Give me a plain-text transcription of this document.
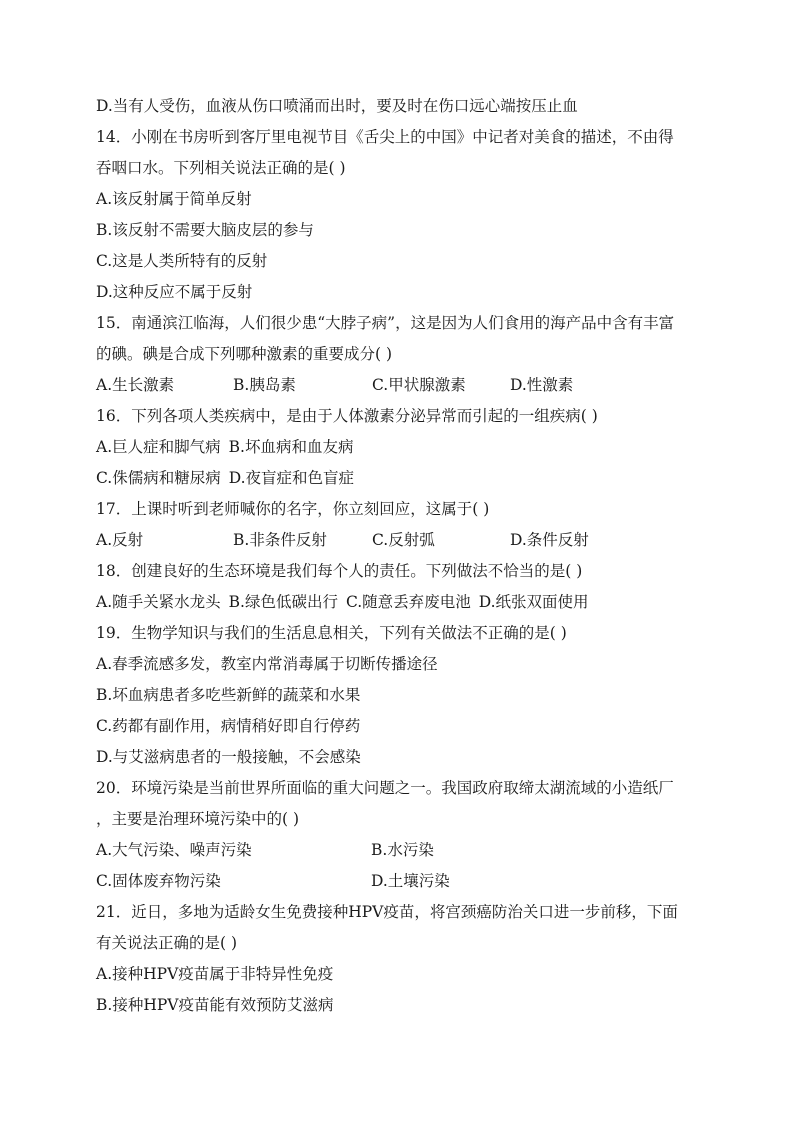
D.当有人受伤，血液从伤口喷涌而出时，要及时在伤口远心端按压止血
14．小刚在书房听到客厅里电视节目《舌尖上的中国》中记者对美食的描述，不由得
吞咽口水。下列相关说法正确的是( )
A.该反射属于简单反射
B.该反射不需要大脑皮层的参与
C.这是人类所特有的反射
D.这种反应不属于反射
15．南通滨江临海，人们很少患“大脖子病”，这是因为人们食用的海产品中含有丰富
的碘。碘是合成下列哪种激素的重要成分( )
A.生长激素	B.胰岛素	C.甲状腺激素	D.性激素
16．下列各项人类疾病中，是由于人体激素分泌异常而引起的一组疾病( )
A.巨人症和脚气病 B.坏血病和血友病
C.侏儒病和糖尿病 D.夜盲症和色盲症
17．上课时听到老师喊你的名字，你立刻回应，这属于( )
A.反射	B.非条件反射	C.反射弧	D.条件反射
18．创建良好的生态环境是我们每个人的责任。下列做法不恰当的是( )
A.随手关紧水龙头 B.绿色低碳出行 C.随意丢弃废电池 D.纸张双面使用
19．生物学知识与我们的生活息息相关，下列有关做法不正确的是( )
A.春季流感多发，教室内常消毒属于切断传播途径
B.坏血病患者多吃些新鲜的蔬菜和水果
C.药都有副作用，病情稍好即自行停药
D.与艾滋病患者的一般接触，不会感染
20．环境污染是当前世界所面临的重大问题之一。我国政府取缔太湖流域的小造纸厂
，主要是治理环境污染中的( )
A.大气污染、噪声污染	B.水污染
C.固体废弃物污染	D.土壤污染
21．近日，多地为适龄女生免费接种HPV疫苗，将宫颈癌防治关口进一步前移，下面
有关说法正确的是( )
A.接种HPV疫苗属于非特异性免疫
B.接种HPV疫苗能有效预防艾滋病
